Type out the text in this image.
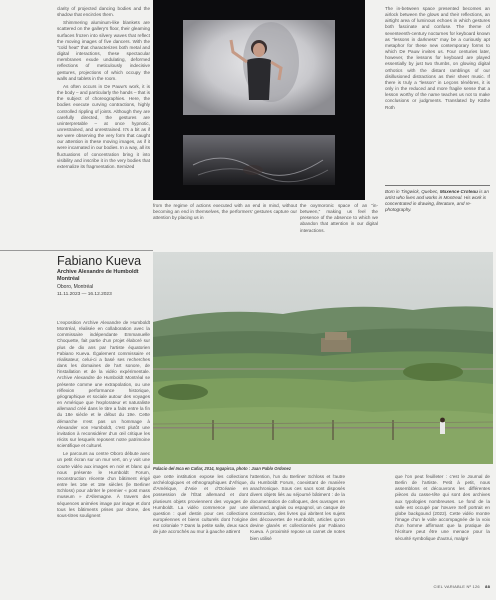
clarity of projected dancing bodies and the shadow that encircles them.

Shimmering aluminum-like blankets are scattered on the gallery's floor, their gleaming surfaces frozen into silvery waves that reflect the moving images of five dancers. With the "cold heat" that characterizes both metal and digital interactions, these spectacular membranes exude undulating, deformed reflections of meticulously indecisive gestures, projections of which occupy the walls and tablets in the room.

As often occurs in De Pauw's work, it is the body – and particularly the hands – that is the subject of choreographies. Here, the bodies execute curving contractions, highly controlled rippling of joints. Although they are carefully directed, the gestures are uninterpretable – at once hypnotic, unrestrained, and unrestrained. It's a bit as if we were observing the very form that caught our attention in these moving images, as if it were incarnated in our bodies. In a way, all its fluctuations of concentration bring it into visibility and inscribe it in the very bodies that externalize its fragmentation. Itemized

from the regime of actions executed with an end in mind, without becoming an end in themselves, the performers' gestures capture our attention by placing us in

the oxymoronic space of an "in-between," making us feel the presence of the absence to which we abandon that attention in our digital interactions.

The in-between space presented becomes an airlock between the glows and their reflections, an airtight area of luminous echoes in which gestures both fascinate and confuse. The theme of seventeenth-century nocturnes for keyboard known as "lessons in darkness" may be a curiously apt metaphor for these new contemporary forms to which De Pauw invites us. Four centuries later, however, the lessons for keyboard are played essentially by just two thumbs, on glowing digital orthotics with the distant ramblings of our disillusioned distractions as their sheet music. If there is truly a "lesson" in Leçons ténèbres, it is only in the reduced and more fragile sense that a lesson worthy of the name teaches us not to make conclusions or judgments. Translated by Käthe Roth

Born in Tingwick, Quebec, Maxence Croteau is an artist who lives and works in Montreal. His work is concentrated in drawing, literature, and re-photography.

Fabiano Kueva
Archive Alexandre de Humboldt Montréal
Oboro, Montréal
11.11.2023 — 16.12.2023
Palacio del Inca en Cañar, 2014, Ingapirca, photo : Juan Pablo Ordonez

L'exposition Archive Alexandre de Humboldt Montréal, réalisée en collaboration avec la commissaire indépendante Emmanuelle Choquette, fait partie d'un projet élaboré sur plus de dix ans par l'artiste équatorien Fabiano Kueva. Également commissaire et réalisateur, celui-ci a basé ses recherches dans les domaines de l'art sonore, de l'installation et de la vidéo expérimentale. Archive Alexandre de Humboldt Montréal se présente comme une extrapolation, ou une réflexion performance historique, géographique et sociale autour des voyages en Amérique que l'explorateur et naturaliste allemand créé dans le titre a faits entre la fin du 18e siècle et le début du 19e. Cette démarche n'est pas un hommage à Alexander von Humboldt, c'est plutôt une invitation à reconsidérer d'un œil critique les récits sur lesquels reposent notre patrimoine scientifique et culturel.

Le parcours au centre Oboro débute avec un petit écran sur un mur vert, on y voit une courte vidéo aux images en noir et blanc qui nous présente le Humboldt Forum, reconstruction récente d'un bâtiment érigé entre les 16e et 18e siècles (le Berliner Schloss) pour abriter le premier « post mass museum » d'Allemagne. À travers des séquences animées image par image et dont tous les bâtiments prises par drone, des sous-titres soulignent

que cette institution expose les collections archéologiques et ethnographiques d'Afrique, d'Amérique, d'Asie et d'Océanie en possession de l'État allemand et dont plusieurs objets proviennent des voyages de Humboldt. La vidéo commence par une question : quel destin pour ces collections européennes et biens culturels dont l'origine est coloniale ? Dans la petite salle, deux sacs de jute accrochés au mur à gauche attirent

l'attention, l'un du Berliner Schloss et l'autre du Humboldt Forum, coexistant de manière anachronique. Sous ces sacs sont disposés divers objets liés au séjourné bâtiment : de la documentation de colloques, des ouvrages en allemand, anglais ou espagnol, un casque de construction, des livres qui abritent les sujets des découvertes de Humboldt, articles qu'on devine glanés et collectionnés par Fabiano Kueva. À proximité repose un carnet de notes bien utilisé

que l'on peut feuilleter : c'est le Journal de Berlin de l'artiste. Petit à petit, nous assemblons et découvrons les différentes pièces du casse-tête qui sont des archives aux typologies nombreuses. Le fond de la salle est occupé par l'œuvre Self portrait en globe backgound (2022). Cette vidéo montre l'image d'un le voile accompagnée de la voix d'un homme affirmant que la pratique de l'écriture peut être une menace pour la sécurité symbolique d'autrui, malgré

CIEL VARIABLE Nº 126 88
